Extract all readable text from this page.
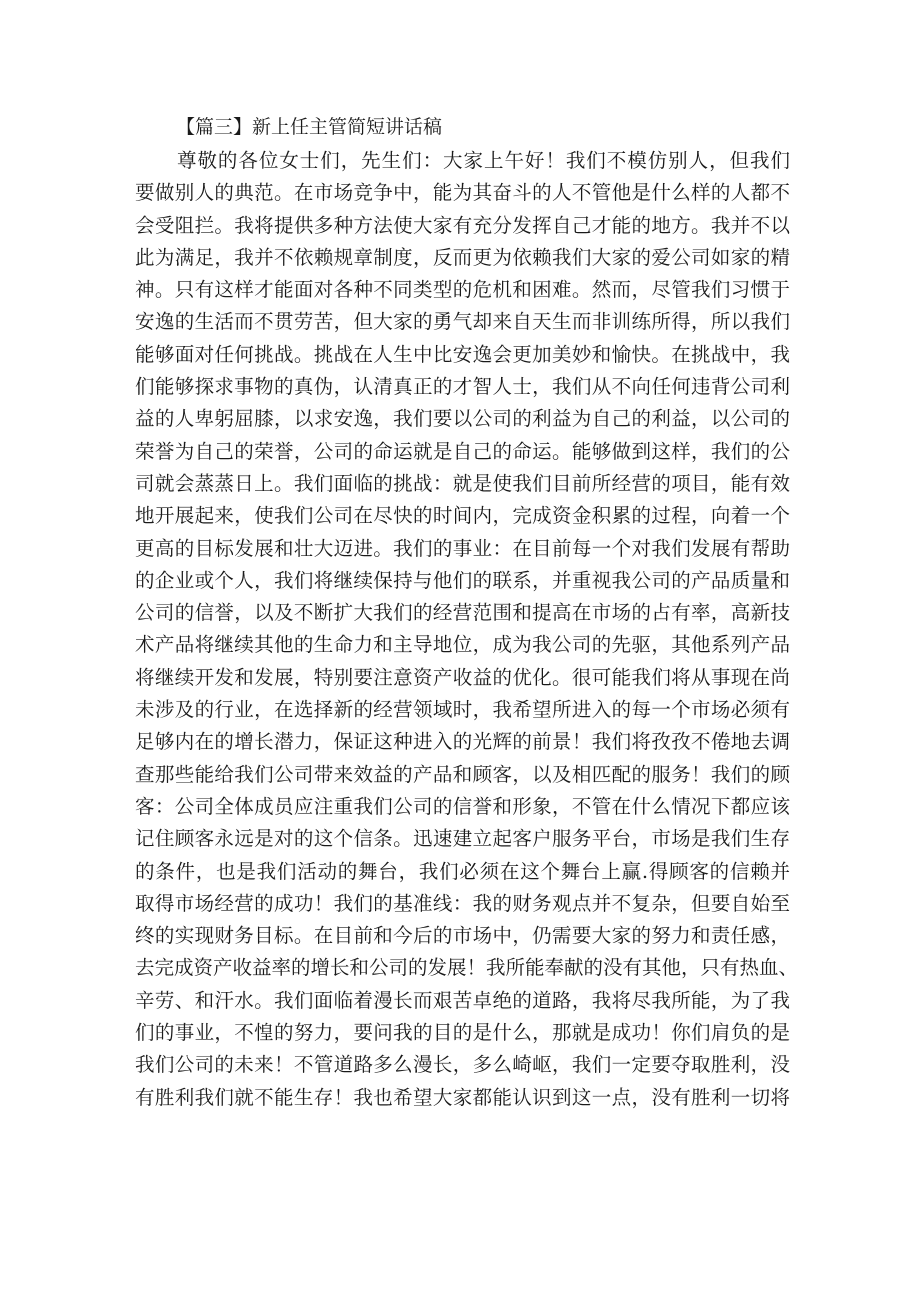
【篇三】新上任主管简短讲话稿
尊敬的各位女士们，先生们：大家上午好！我们不模仿别人，但我们
要做别人的典范。在市场竞争中，能为其奋斗的人不管他是什么样的人都不
会受阻拦。我将提供多种方法使大家有充分发挥自己才能的地方。我并不以
此为满足，我并不依赖规章制度，反而更为依赖我们大家的爱公司如家的精
神。只有这样才能面对各种不同类型的危机和困难。然而，尽管我们习惯于
安逸的生活而不贯劳苦，但大家的勇气却来自天生而非训练所得，所以我们
能够面对任何挑战。挑战在人生中比安逸会更加美妙和愉快。在挑战中，我
们能够探求事物的真伪，认清真正的才智人士，我们从不向任何违背公司利
益的人卑躬屈膝，以求安逸，我们要以公司的利益为自己的利益，以公司的
荣誉为自己的荣誉，公司的命运就是自己的命运。能够做到这样，我们的公
司就会蒸蒸日上。我们面临的挑战：就是使我们目前所经营的项目，能有效
地开展起来，使我们公司在尽快的时间内，完成资金积累的过程，向着一个
更高的目标发展和壮大迈进。我们的事业：在目前每一个对我们发展有帮助
的企业或个人，我们将继续保持与他们的联系，并重视我公司的产品质量和
公司的信誉，以及不断扩大我们的经营范围和提高在市场的占有率，高新技
术产品将继续其他的生命力和主导地位，成为我公司的先驱，其他系列产品
将继续开发和发展，特别要注意资产收益的优化。很可能我们将从事现在尚
未涉及的行业，在选择新的经营领域时，我希望所进入的每一个市场必须有
足够内在的增长潜力，保证这种进入的光辉的前景！我们将孜孜不倦地去调
查那些能给我们公司带来效益的产品和顾客，以及相匹配的服务！我们的顾
客：公司全体成员应注重我们公司的信誉和形象，不管在什么情况下都应该
记住顾客永远是对的这个信条。迅速建立起客户服务平台，市场是我们生存
的条件，也是我们活动的舞台，我们必须在这个舞台上赢.得顾客的信赖并
取得市场经营的成功！我们的基准线：我的财务观点并不复杂，但要自始至
终的实现财务目标。在目前和今后的市场中，仍需要大家的努力和责任感，
去完成资产收益率的增长和公司的发展！我所能奉献的没有其他，只有热血、
辛劳、和汗水。我们面临着漫长而艰苦卓绝的道路，我将尽我所能，为了我
们的事业，不惶的努力，要问我的目的是什么，那就是成功！你们肩负的是
我们公司的未来！不管道路多么漫长，多么崎岖，我们一定要夺取胜利，没
有胜利我们就不能生存！我也希望大家都能认识到这一点，没有胜利一切将
